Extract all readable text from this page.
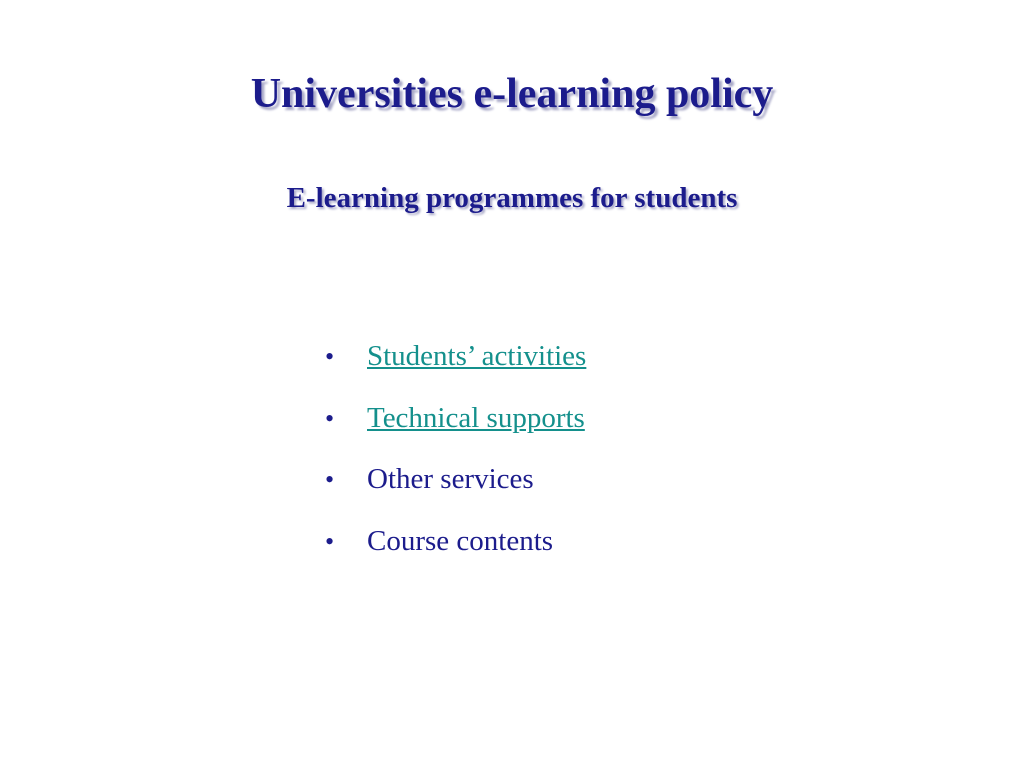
Universities e-learning policy
E-learning programmes for students
•	Students’ activities
•	Technical supports
•	Other services
•	Course contents
